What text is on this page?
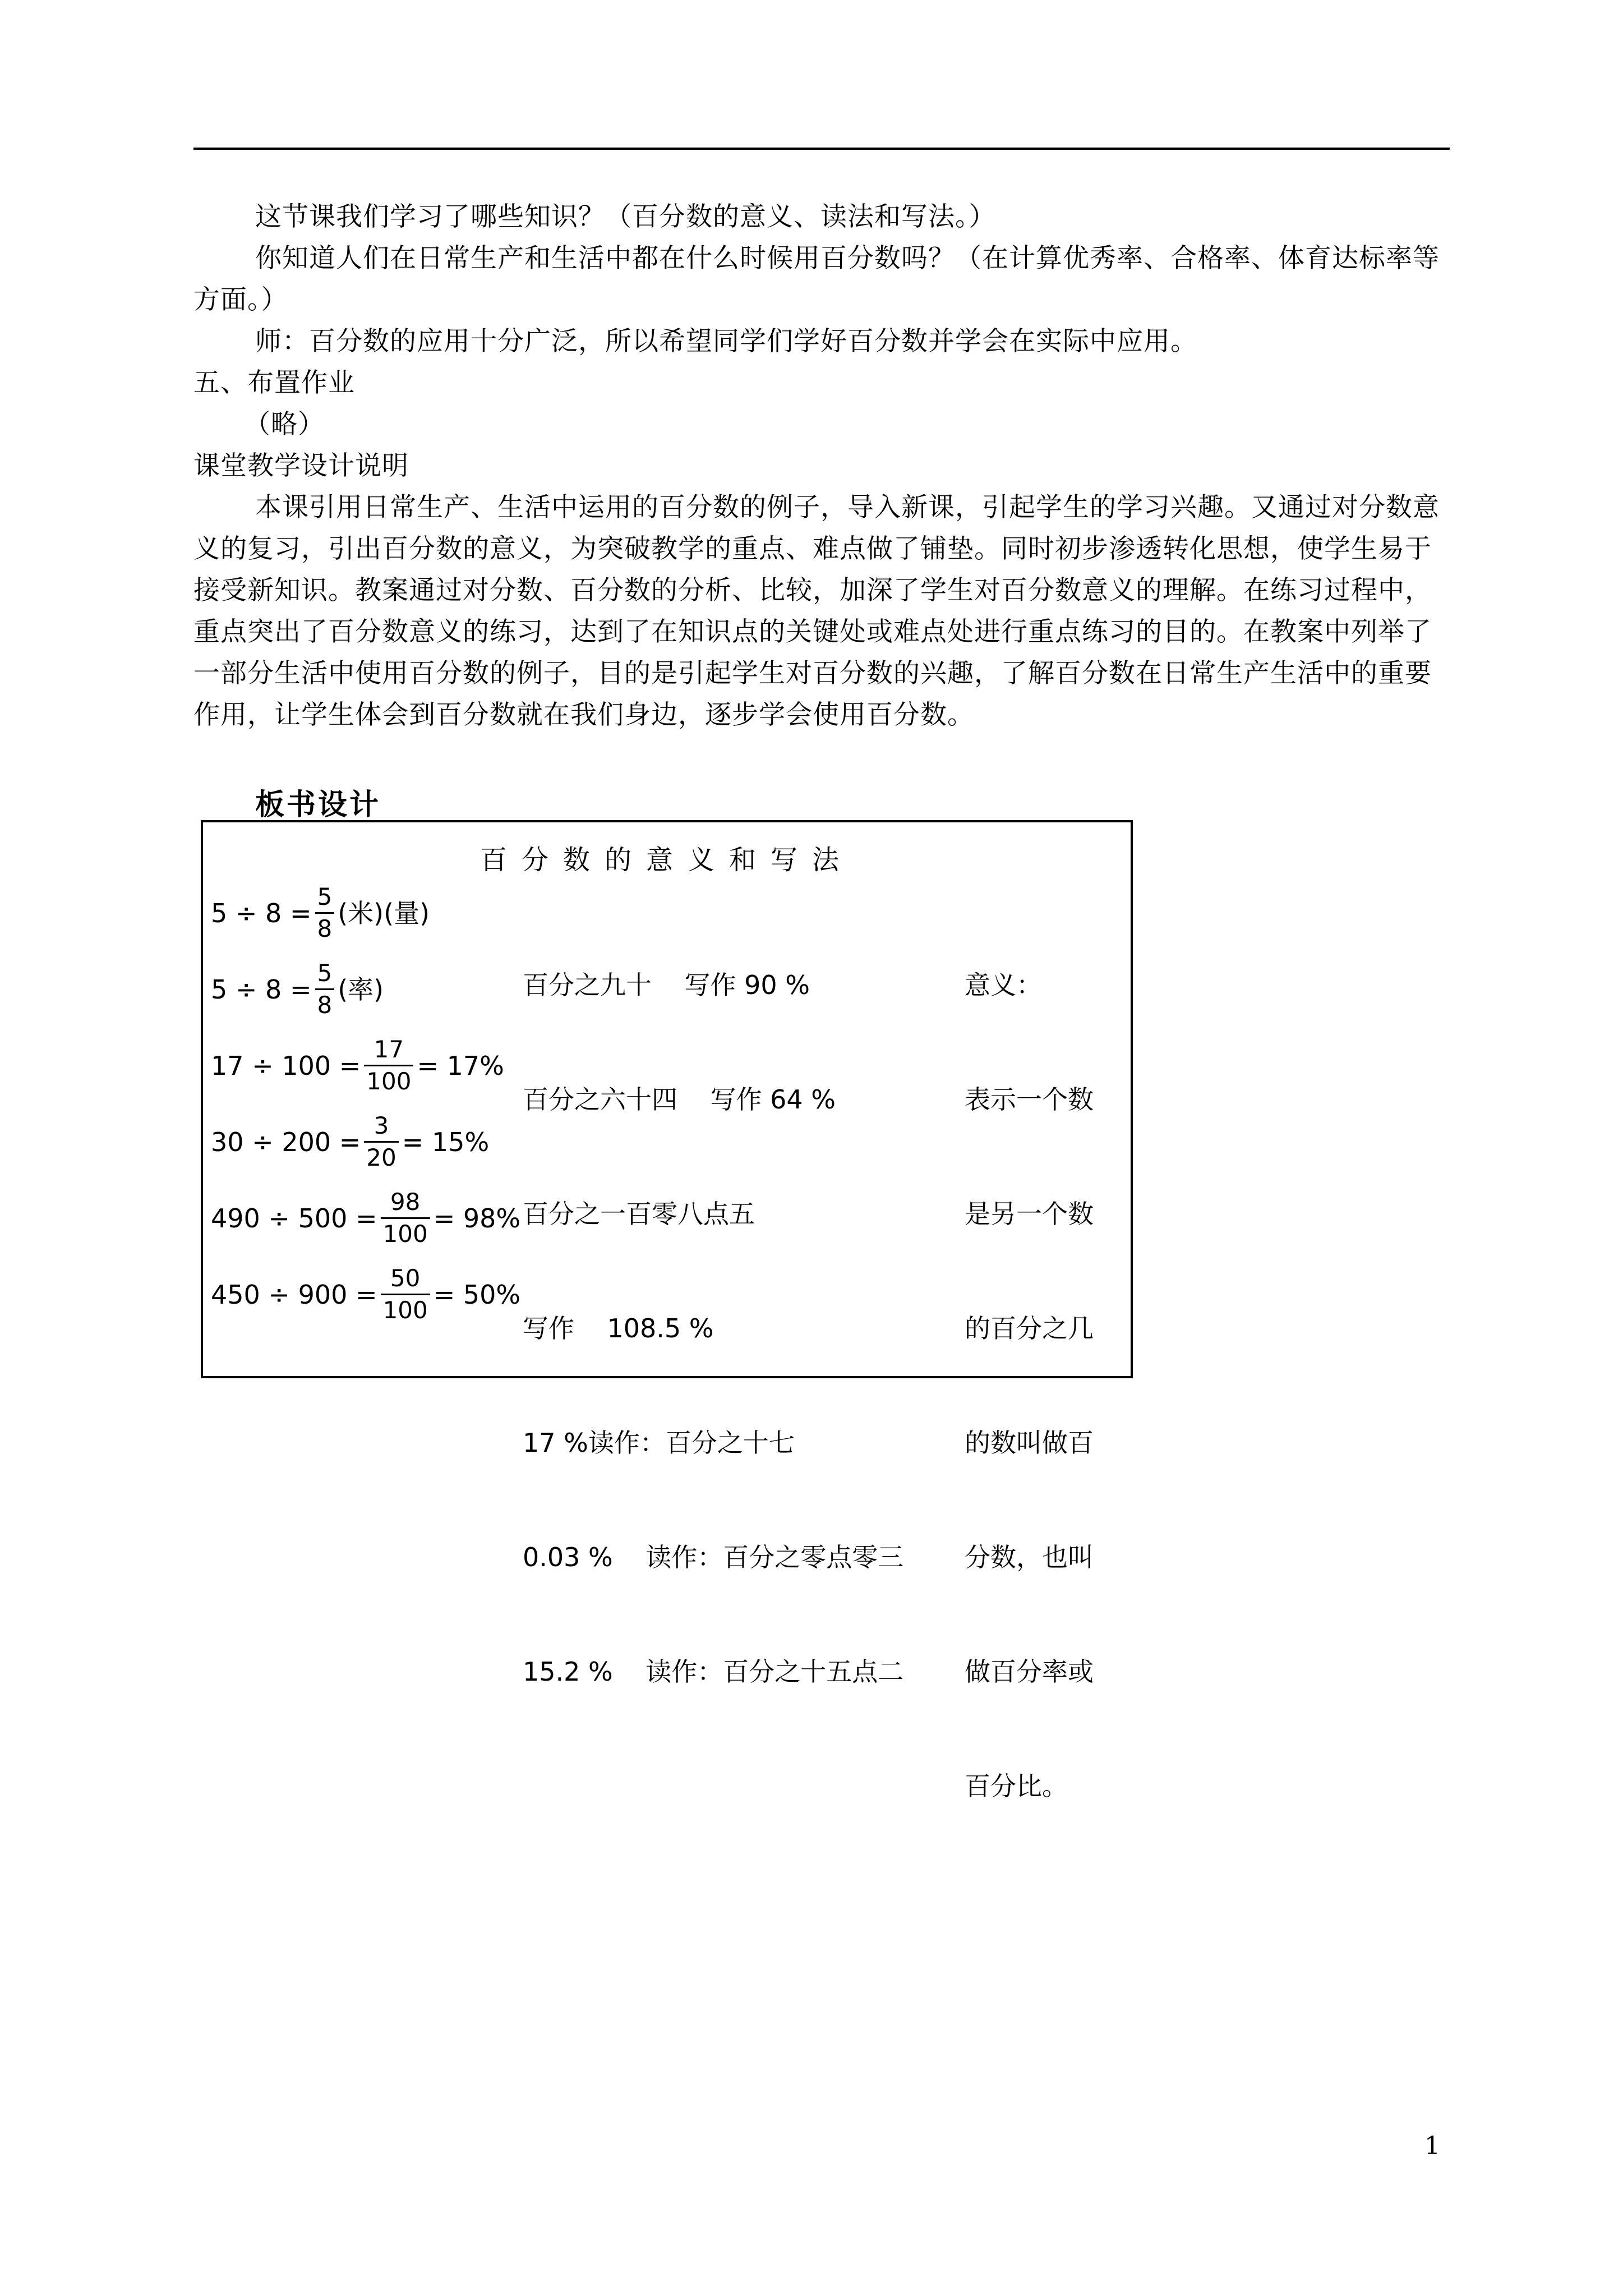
这节课我们学习了哪些知识？（百分数的意义、读法和写法。）
你知道人们在日常生产和生活中都在什么时候用百分数吗？（在计算优秀率、合格率、体育达标率等方面。）
师：百分数的应用十分广泛，所以希望同学们学好百分数并学会在实际中应用。
五、布置作业
（略）
课堂教学设计说明
本课引用日常生产、生活中运用的百分数的例子，导入新课，引起学生的学习兴趣。又通过对分数意义的复习，引出百分数的意义，为突破教学的重点、难点做了铺垫。同时初步渗透转化思想，使学生易于接受新知识。教案通过对分数、百分数的分析、比较，加深了学生对百分数意义的理解。在练习过程中，重点突出了百分数意义的练习，达到了在知识点的关键处或难点处进行重点练习的目的。在教案中列举了一部分生活中使用百分数的例子，目的是引起学生对百分数的兴趣，了解百分数在日常生产生活中的重要作用，让学生体会到百分数就在我们身边，逐步学会使用百分数。
板书设计
百分数的意义和写法
$5 \div 8 = \frac{5}{8}$ (米)(量)
$5 \div 8 = \frac{5}{8}$ (率)
$17 \div 100 = \frac{17}{100} = 17\%$
$30 \div 200 = \frac{3}{20} = 15\%$
$490 \div 500 = \frac{98}{100} = 98\%$
$450 \div 900 = \frac{50}{100} = 50\%$

百分之九十    写作 90 %

百分之六十四    写作 64 %

百分之一百零八点五

写作    108.5 %

17 %读作：百分之十七

0.03 %    读作：百分之零点零三

15.2 %    读作：百分之十五点二

意义：

表示一个数

是另一个数

的百分之几

的数叫做百

分数，也叫

做百分率或

百分比。

1
